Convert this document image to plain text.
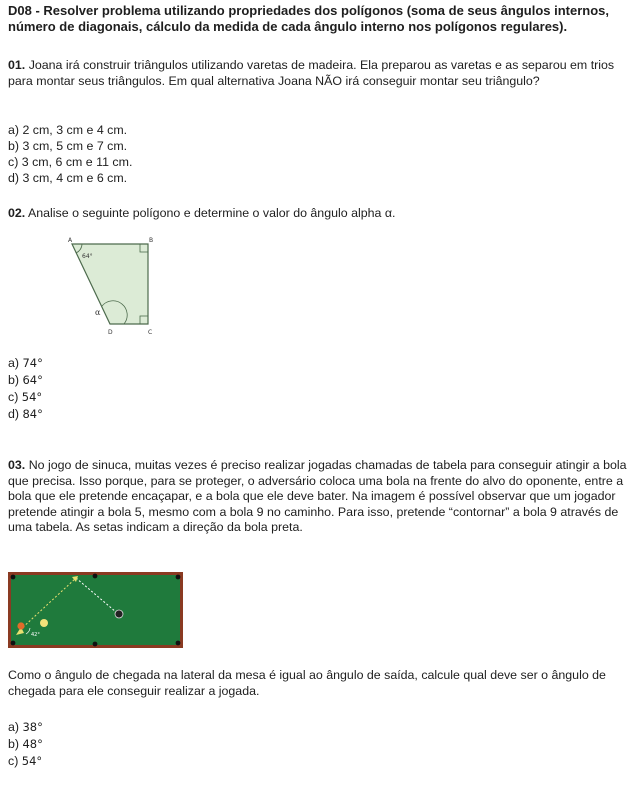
D08 - Resolver problema utilizando propriedades dos polígonos (soma de seus ângulos internos, número de diagonais, cálculo da medida de cada ângulo interno nos polígonos regulares).
01. Joana irá construir triângulos utilizando varetas de madeira. Ela preparou as varetas e as separou em trios para montar seus triângulos. Em qual alternativa Joana NÃO irá conseguir montar seu triângulo?
a) 2 cm, 3 cm e 4 cm.
b) 3 cm, 5 cm e 7 cm.
c) 3 cm, 6 cm e 11 cm.
d) 3 cm, 4 cm e 6 cm.
02. Analise o seguinte polígono e determine o valor do ângulo alpha α.
A	B
C
D
64°
α
a) 74°
b) 64°
c) 54°
d) 84°
03. No jogo de sinuca, muitas vezes é preciso realizar jogadas chamadas de tabela para conseguir atingir a bola que precisa. Isso porque, para se proteger, o adversário coloca uma bola na frente do alvo do oponente, entre a bola que ele pretende encaçapar, e a bola que ele deve bater. Na imagem é possível observar que um jogador pretende atingir a bola 5, mesmo com a bola 9 no caminho. Para isso, pretende “contornar” a bola 9 através de uma tabela. As setas indicam a direção da bola preta.
42°
Como o ângulo de chegada na lateral da mesa é igual ao ângulo de saída, calcule qual deve ser o ângulo de chegada para ele conseguir realizar a jogada.
a) 38°
b) 48°
c) 54°
